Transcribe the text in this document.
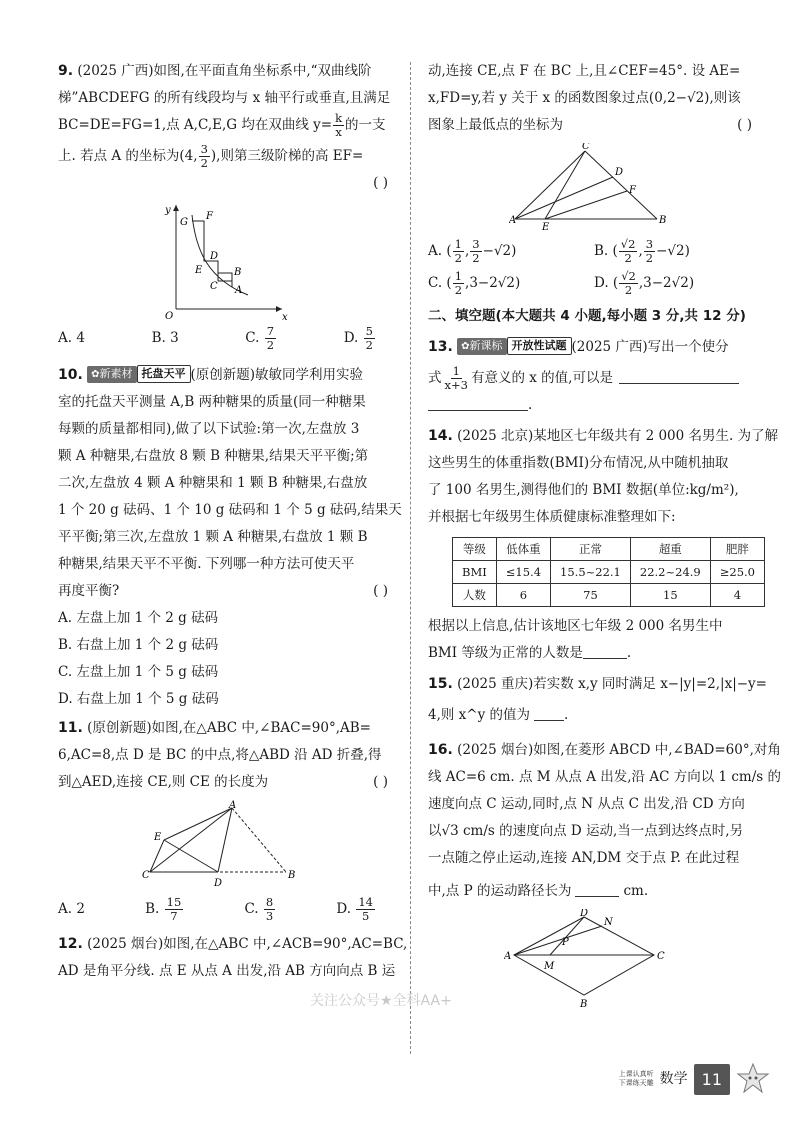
9. (2025 广西)如图,在平面直角坐标系中,“双曲线阶
梯”ABCDEFG 的所有线段均与 x 轴平行或垂直,且满足
BC=DE=FG=1,点 A,C,E,G 均在双曲线 $y= \frac{k}{x}$ 的一支
上. 若点 A 的坐标为(4, $\frac{3}{2}$ ),则第三级阶梯的高 EF=
( )
y
G
F
D
E	B
C A
O	x
A. 4	B. 3	C. $\frac{7}{2}$	D. $\frac{5}{2}$
10. ✿新素材 托盘天平 (原创新题)敏敏同学利用实验
室的托盘天平测量 A,B 两种糖果的质量(同一种糖果
每颗的质量都相同),做了以下试验:第一次,左盘放 3
颗 A 种糖果,右盘放 8 颗 B 种糖果,结果天平平衡;第
二次,左盘放 4 颗 A 种糖果和 1 颗 B 种糖果,右盘放
1 个 20 g 砝码、1 个 10 g 砝码和 1 个 5 g 砝码,结果天
平平衡;第三次,左盘放 1 颗 A 种糖果,右盘放 1 颗 B
种糖果,结果天平不平衡. 下列哪一种方法可使天平
再度平衡?	( )
A. 左盘上加 1 个 2 g 砝码
B. 右盘上加 1 个 2 g 砝码
C. 左盘上加 1 个 5 g 砝码
D. 右盘上加 1 个 5 g 砝码
11. (原创新题)如图,在△ABC 中,∠BAC=90°,AB=
6,AC=8,点 D 是 BC 的中点,将△ABD 沿 AD 折叠,得
到△AED,连接 CE,则 CE 的长度为	( )
A
E
C
D
B
A. 2	B. $\frac{15}{7}$	C. $\frac{8}{3}$	D. $\frac{14}{5}$
12. (2025 烟台)如图,在△ABC 中,∠ACB=90°,AC=BC,
AD 是角平分线. 点 E 从点 A 出发,沿 AB 方向向点 B 运
动,连接 CE,点 F 在 BC 上,且∠CEF=45°. 设 AE=
x,FD=y,若 y 关于 x 的函数图象过点(0,2−√2),则该
图象上最低点的坐标为	( )
C
D
F
A
E
B
A. ( $\frac{1}{2}$ , $\frac{3}{2} -√2$)	B. ( $\frac{√2}{2}$ , $\frac{3}{2} -√2$)
C. ( $\frac{1}{2} ,3-2√2$)	D. ( $\frac{√2}{2} ,3-2√2$)
二、填空题(本大题共 4 小题,每小题 3 分,共 12 分)
13. ✿新课标 开放性试题 (2025 广西)写出一个使分
式 $\frac{1}{x+3}$ 有意义的 x 的值,可以是
.
14. (2025 北京)某地区七年级共有 2 000 名男生. 为了解
这些男生的体重指数(BMI)分布情况,从中随机抽取
了 100 名男生,测得他们的 BMI 数据(单位:kg/m²),
并根据七年级男生体质健康标准整理如下:
等级	低体重	正常	超重	肥胖
BMI	≤15.4	15.5~22.1	22.2~24.9	≥25.0
人数	6	75	15	4
根据以上信息,估计该地区七年级 2 000 名男生中
BMI 等级为正常的人数是	.
15. (2025 重庆)若实数 x,y 同时满足 x−|y|=2,|x|−y=
4,则 x^y 的值为	.
16. (2025 烟台)如图,在菱形 ABCD 中,∠BAD=60°,对角
线 AC=6 cm. 点 M 从点 A 出发,沿 AC 方向以 1 cm/s 的
速度向点 C 运动,同时,点 N 从点 C 出发,沿 CD 方向
以√3 cm/s 的速度向点 D 运动,当一点到达终点时,另
一点随之停止运动,连接 AN,DM 交于点 P. 在此过程
中,点 P 的运动路径长为	cm.
D
N
A
P
C
M
B
关注公众号★全科AA+
上课认真听
下课练天雕 数学 11
